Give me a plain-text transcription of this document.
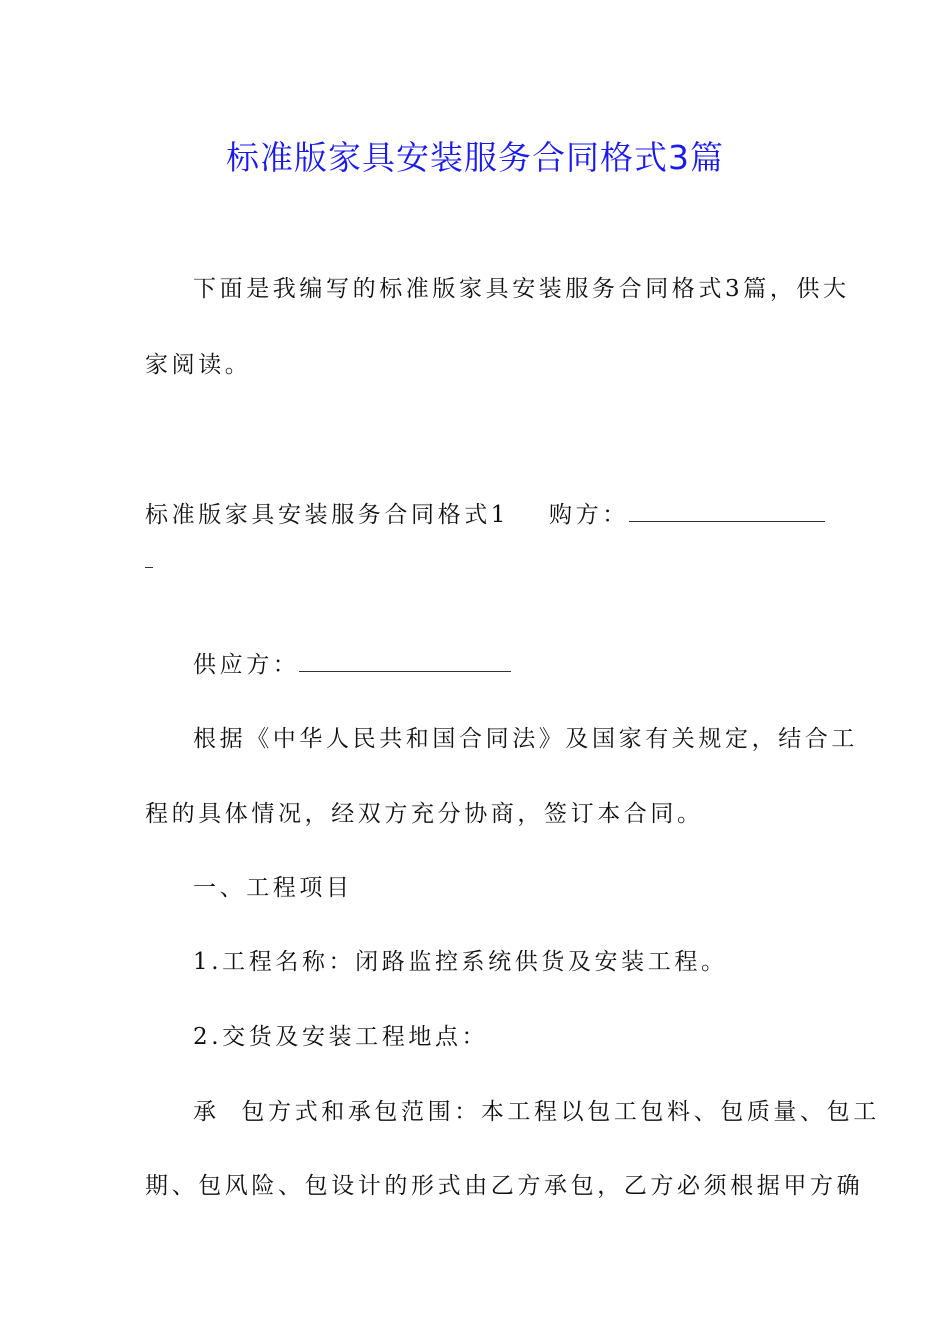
标准版家具安装服务合同格式3篇
下面是我编写的标准版家具安装服务合同格式3篇，供大
家阅读。
标准版家具安装服务合同格式1 购方：
供应方：
根据《中华人民共和国合同法》及国家有关规定，结合工
程的具体情况，经双方充分协商，签订本合同。
一、工程项目
1.工程名称：闭路监控系统供货及安装工程。
2.交货及安装工程地点：
承  包方式和承包范围：本工程以包工包料、包质量、包工
期、包风险、包设计的形式由乙方承包，乙方必须根据甲方确
